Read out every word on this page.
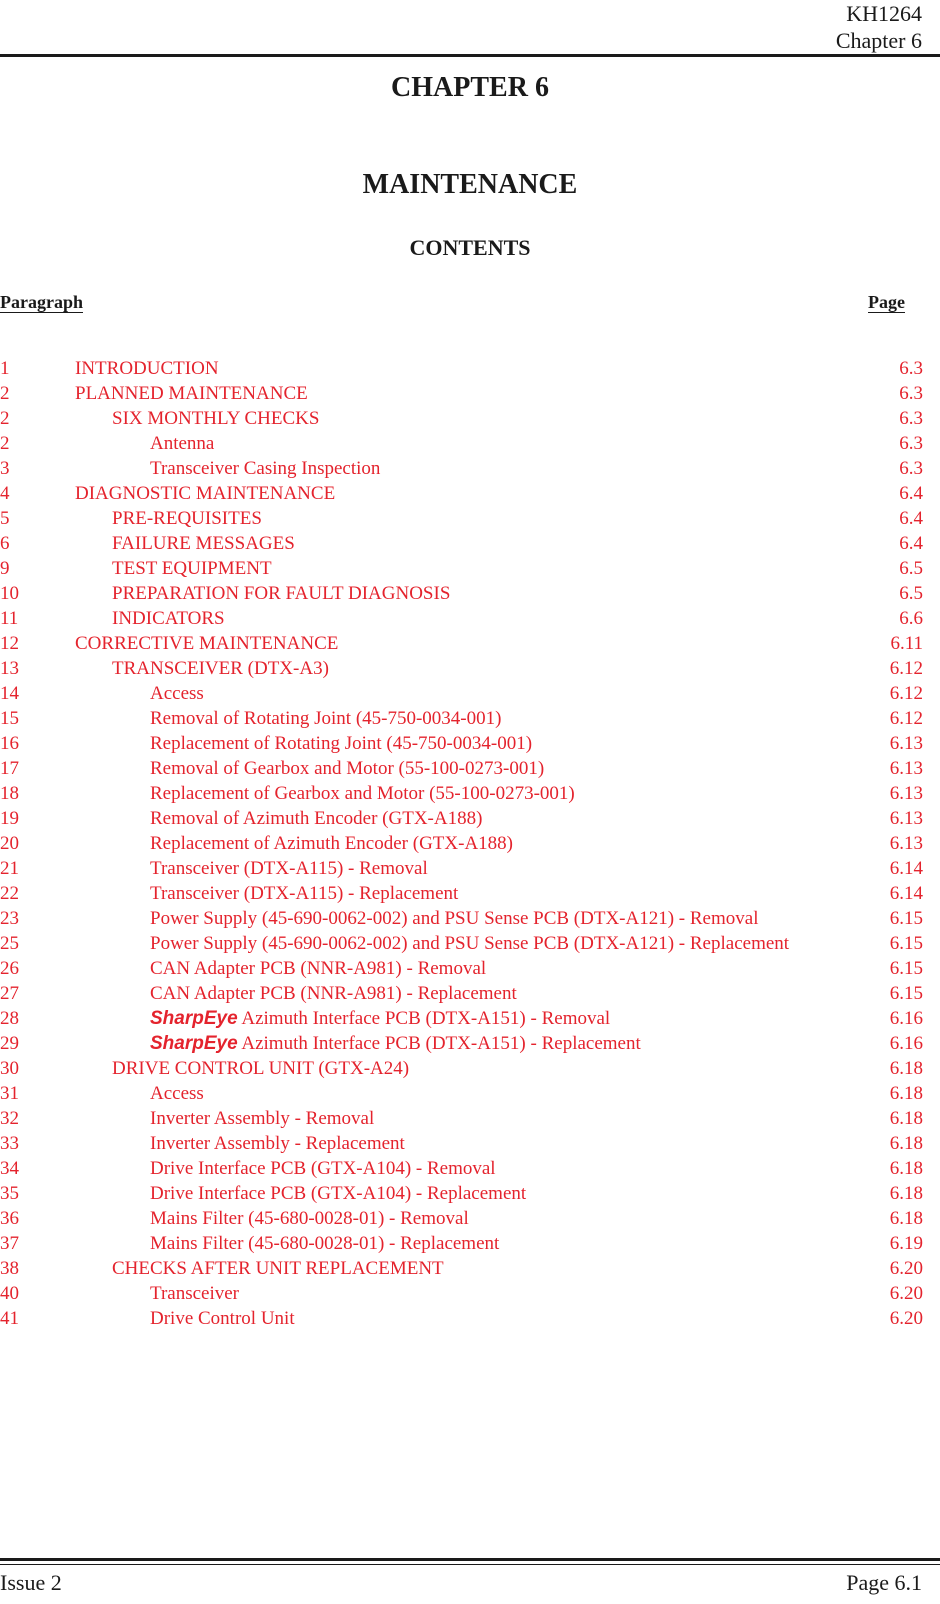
KH1264
Chapter 6
CHAPTER 6
MAINTENANCE
CONTENTS
Paragraph	Page
1	INTRODUCTION	6.3
2	PLANNED MAINTENANCE	6.3
2	SIX MONTHLY CHECKS	6.3
2	Antenna	6.3
3	Transceiver Casing Inspection	6.3
4	DIAGNOSTIC MAINTENANCE	6.4
5	PRE-REQUISITES	6.4
6	FAILURE MESSAGES	6.4
9	TEST EQUIPMENT	6.5
10	PREPARATION FOR FAULT DIAGNOSIS	6.5
11	INDICATORS	6.6
12	CORRECTIVE MAINTENANCE	6.11
13	TRANSCEIVER (DTX-A3)	6.12
14	Access	6.12
15	Removal of Rotating Joint (45-750-0034-001)	6.12
16	Replacement of Rotating Joint (45-750-0034-001)	6.13
17	Removal of Gearbox and Motor (55-100-0273-001)	6.13
18	Replacement of Gearbox and Motor (55-100-0273-001)	6.13
19	Removal of Azimuth Encoder (GTX-A188)	6.13
20	Replacement of Azimuth Encoder (GTX-A188)	6.13
21	Transceiver (DTX-A115) - Removal	6.14
22	Transceiver (DTX-A115) - Replacement	6.14
23	Power Supply (45-690-0062-002) and PSU Sense PCB (DTX-A121) - Removal	6.15
25	Power Supply (45-690-0062-002) and PSU Sense PCB (DTX-A121) - Replacement	6.15
26	CAN Adapter PCB (NNR-A981) - Removal	6.15
27	CAN Adapter PCB (NNR-A981) - Replacement	6.15
28	SharpEye Azimuth Interface PCB (DTX-A151) - Removal	6.16
29	SharpEye Azimuth Interface PCB (DTX-A151) - Replacement	6.16
30	DRIVE CONTROL UNIT (GTX-A24)	6.18
31	Access	6.18
32	Inverter Assembly - Removal	6.18
33	Inverter Assembly - Replacement	6.18
34	Drive Interface PCB (GTX-A104) - Removal	6.18
35	Drive Interface PCB (GTX-A104) - Replacement	6.18
36	Mains Filter (45-680-0028-01) - Removal	6.18
37	Mains Filter (45-680-0028-01) - Replacement	6.19
38	CHECKS AFTER UNIT REPLACEMENT	6.20
40	Transceiver	6.20
41	Drive Control Unit	6.20
Issue 2	Page 6.1
